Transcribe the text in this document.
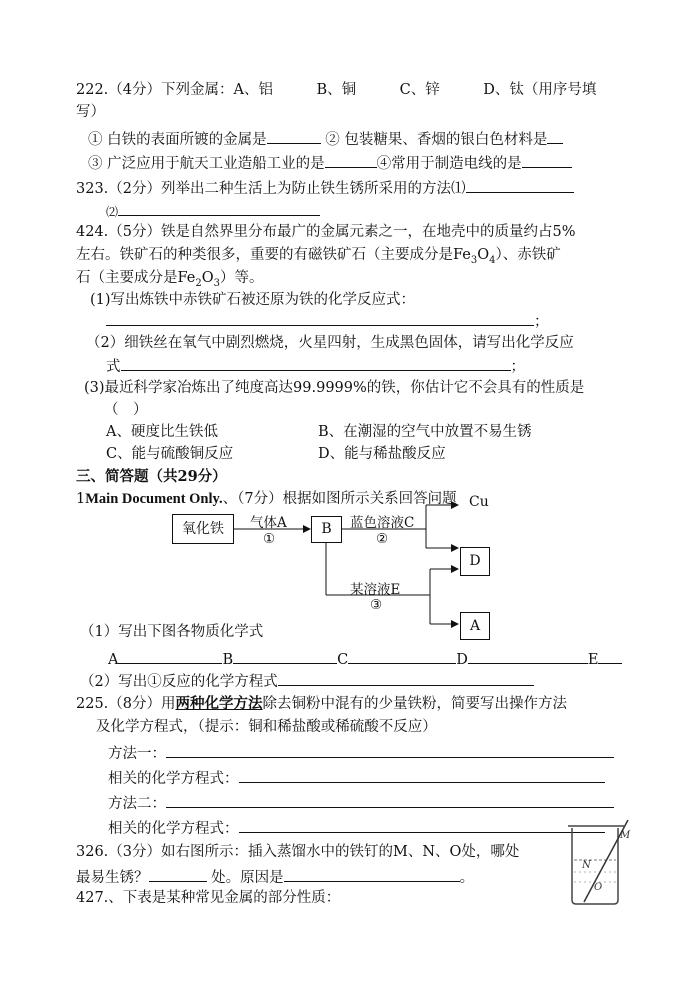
222.（4分）下列金属：A、铝　　　B、铜　　　C、锌　　　D、钛（用序号填
写）
① 白铁的表面所镀的金属是	② 包装糖果、香烟的银白色材料是
③ 广泛应用于航天工业造船工业的是	④常用于制造电线的是
323.（2分）列举出二种生活上为防止铁生锈所采用的方法⑴
⑵
424.（5分）铁是自然界里分布最广的金属元素之一，在地壳中的质量约占5%
左右。铁矿石的种类很多，重要的有磁铁矿石（主要成分是$Fe_3O_4$）、赤铁矿
石（主要成分是$Fe_2O_3$）等。
(1)写出炼铁中赤铁矿石被还原为铁的化学反应式：
；
（2）细铁丝在氧气中剧烈燃烧，火星四射，生成黑色固体，请写出化学反应
式	；
(3)最近科学家冶炼出了纯度高达99.9999%的铁，你估计它不会具有的性质是
（　）
A、硬度比生铁低	B、在潮湿的空气中放置不易生锈
C、能与硫酸铜反应	D、能与稀盐酸反应
三、简答题（共29分）
1Main Document Only.、（7分）根据如图所示关系回答问题
氧化铁	气体A
①
B	蓝色溶液C
②
Cu
D
某溶液E
③
A
（1）写出下图各物质化学式
A	B	C	D	E
（2）写出①反应的化学方程式
225.（8分）用两种化学方法除去铜粉中混有的少量铁粉，简要写出操作方法
及化学方程式，（提示：铜和稀盐酸或稀硫酸不反应）
方法一：
相关的化学方程式：
方法二：
相关的化学方程式：
326.（3分）如右图所示：插入蒸馏水中的铁钉的M、N、O处，哪处
最易生锈？	处。原因是	。
M
N
O
427.、下表是某种常见金属的部分性质：
